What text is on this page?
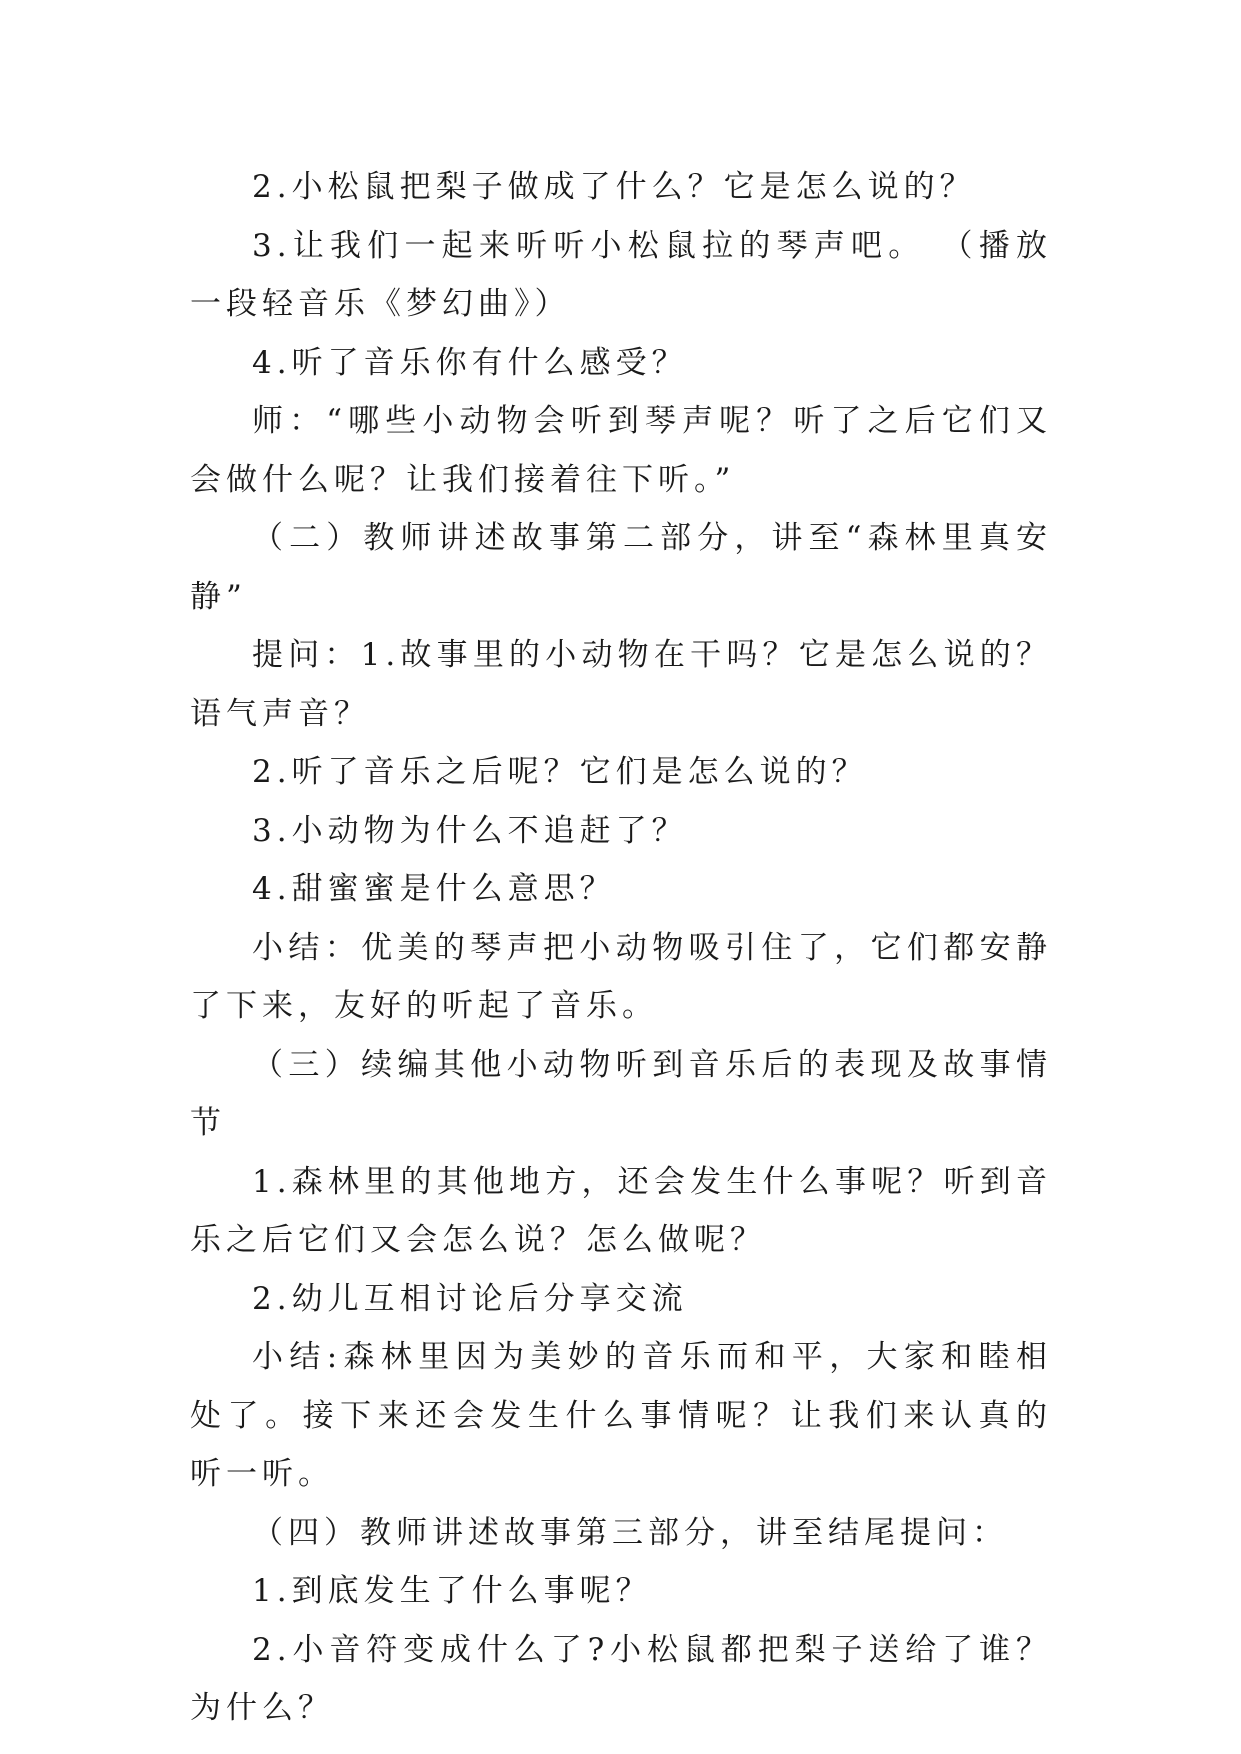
2.小松鼠把梨子做成了什么？它是怎么说的？

3.让我们一起来听听小松鼠拉的琴声吧。 （播放一段轻音乐《梦幻曲》）

4.听了音乐你有什么感受？

师：“哪些小动物会听到琴声呢？听了之后它们又会做什么呢？让我们接着往下听。”

（二）教师讲述故事第二部分，讲至“森林里真安静”

提问：1.故事里的小动物在干吗？它是怎么说的？语气声音？

2.听了音乐之后呢？它们是怎么说的？

3.小动物为什么不追赶了？

4.甜蜜蜜是什么意思？

小结：优美的琴声把小动物吸引住了，它们都安静了下来，友好的听起了音乐。

（三）续编其他小动物听到音乐后的表现及故事情节

1.森林里的其他地方，还会发生什么事呢？听到音乐之后它们又会怎么说？怎么做呢？

2.幼儿互相讨论后分享交流

小结:森林里因为美妙的音乐而和平，大家和睦相处了。接下来还会发生什么事情呢？让我们来认真的听一听。

（四）教师讲述故事第三部分，讲至结尾提问：

1.到底发生了什么事呢？

2.小音符变成什么了?小松鼠都把梨子送给了谁？为什么？
